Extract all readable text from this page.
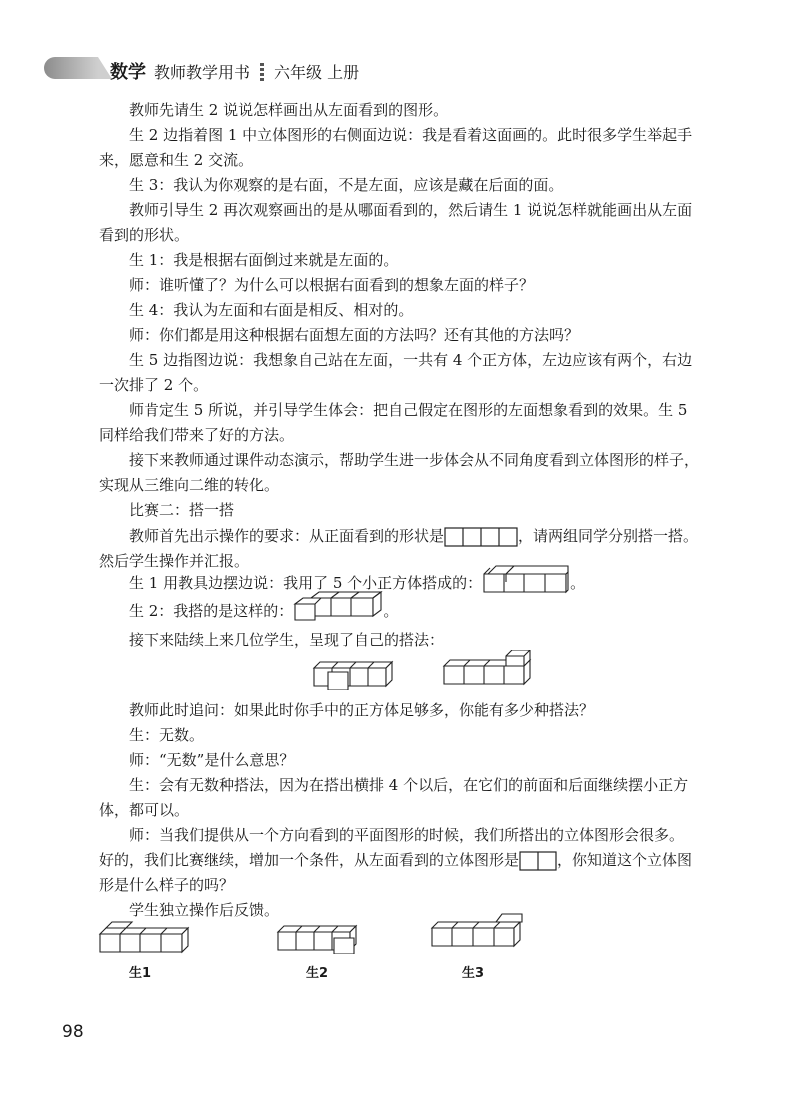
数学 教师教学用书 六年级 上册
教师先请生 2 说说怎样画出从左面看到的图形。
生 2 边指着图 1 中立体图形的右侧面边说：我是看着这面画的。此时很多学生举起手
来，愿意和生 2 交流。
生 3：我认为你观察的是右面，不是左面，应该是藏在后面的面。
教师引导生 2 再次观察画出的是从哪面看到的，然后请生 1 说说怎样就能画出从左面
看到的形状。
生 1：我是根据右面倒过来就是左面的。
师：谁听懂了？为什么可以根据右面看到的想象左面的样子？
生 4：我认为左面和右面是相反、相对的。
师：你们都是用这种根据右面想左面的方法吗？还有其他的方法吗？
生 5 边指图边说：我想象自己站在左面，一共有 4 个正方体，左边应该有两个，右边
一次排了 2 个。
师肯定生 5 所说，并引导学生体会：把自己假定在图形的左面想象看到的效果。生 5
同样给我们带来了好的方法。
接下来教师通过课件动态演示，帮助学生进一步体会从不同角度看到立体图形的样子，
实现从三维向二维的转化。
比赛二：搭一搭
教师首先出示操作的要求：从正面看到的形状是	，请两组同学分别搭一搭。
然后学生操作并汇报。
生 1 用教具边摆边说：我用了 5 个小正方体搭成的：	。
生 2：我搭的是这样的：	。
接下来陆续上来几位学生，呈现了自己的搭法：
教师此时追问：如果此时你手中的正方体足够多，你能有多少种搭法？
生：无数。
师：“无数”是什么意思？
生：会有无数种搭法，因为在搭出横排 4 个以后，在它们的前面和后面继续摆小正方
体，都可以。
师：当我们提供从一个方向看到的平面图形的时候，我们所搭出的立体图形会很多。
好的，我们比赛继续，增加一个条件，从左面看到的立体图形是	，你知道这个立体图
形是什么样子的吗？
学生独立操作后反馈。
生1	生2	生3
98
